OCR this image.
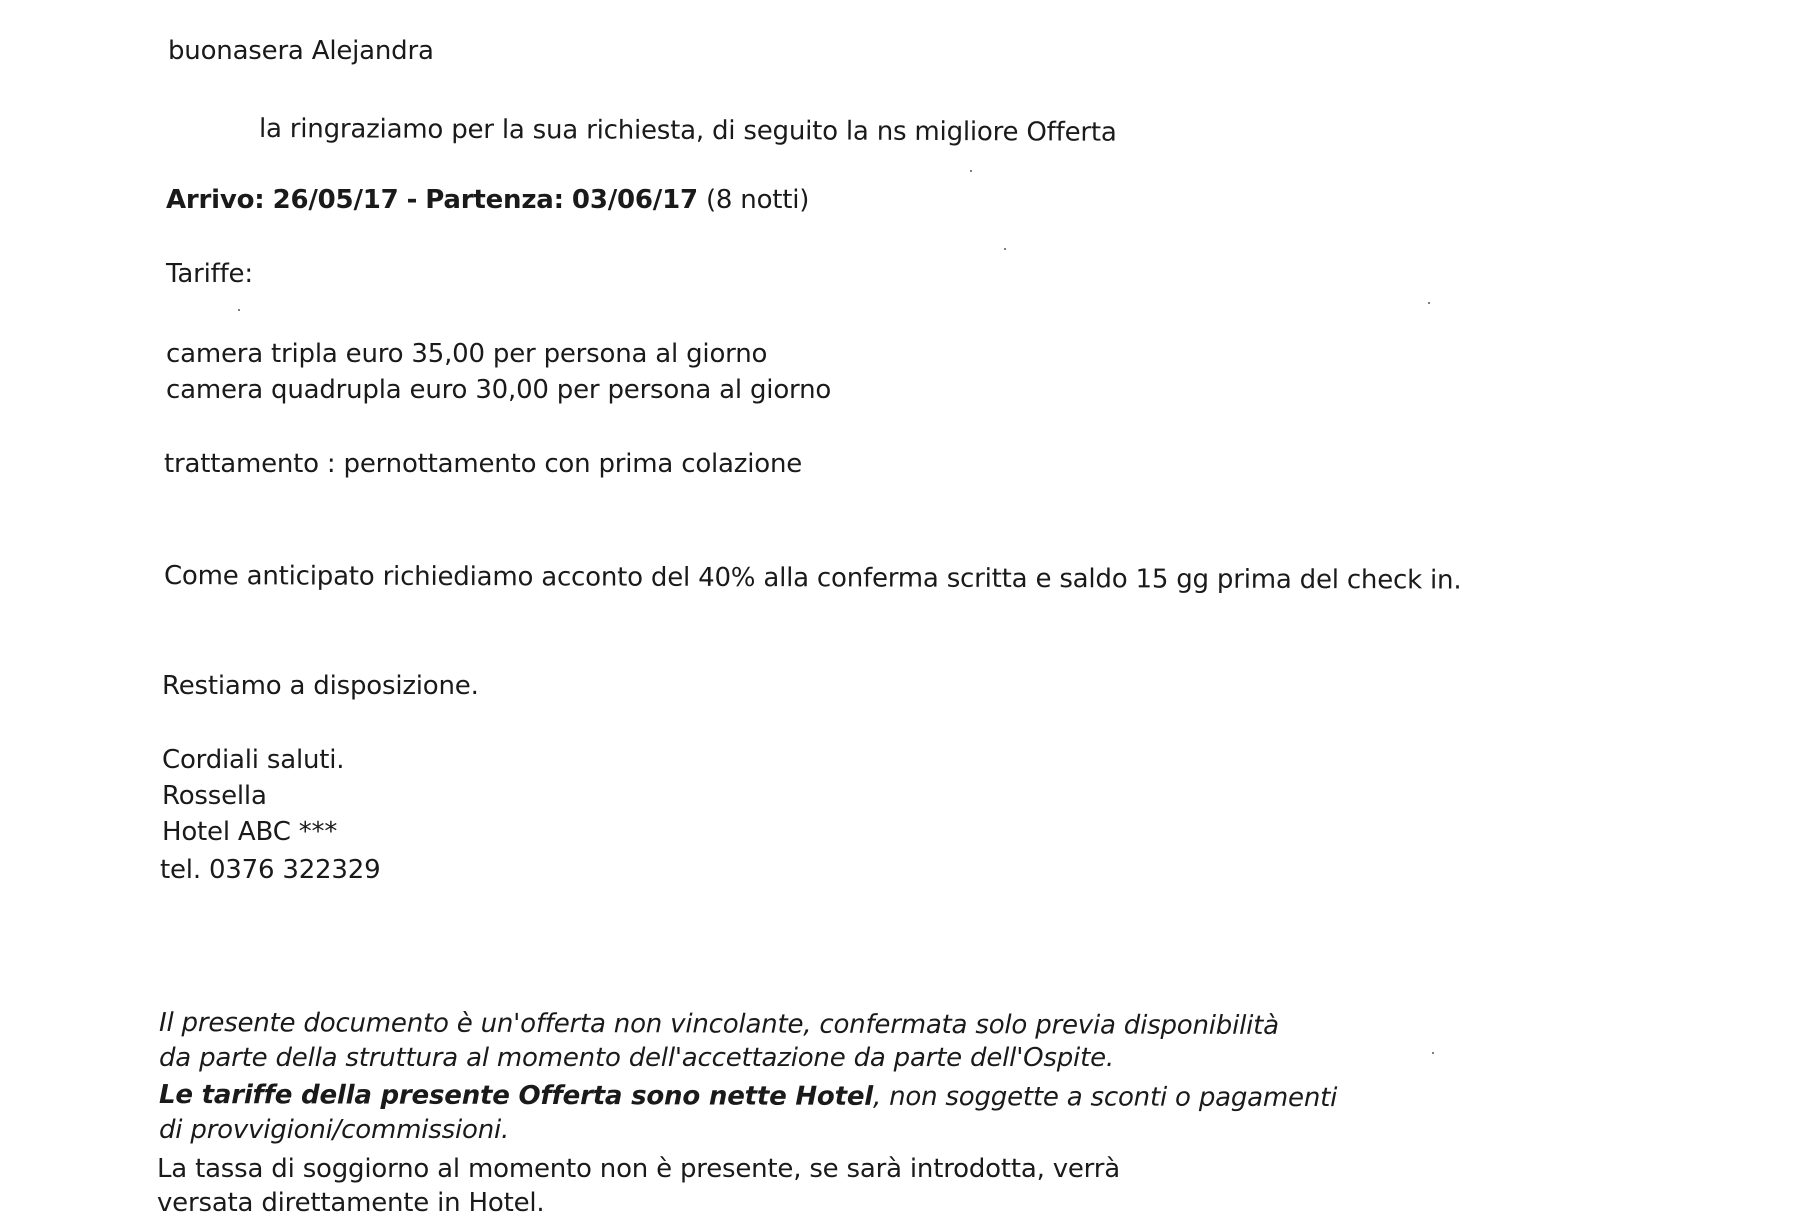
buonasera Alejandra
la ringraziamo per la sua richiesta, di seguito la ns migliore Offerta
Arrivo: 26/05/17 - Partenza: 03/06/17 (8 notti)
Tariffe:
camera tripla euro 35,00 per persona al giorno
camera quadrupla euro 30,00 per persona al giorno
trattamento : pernottamento con prima colazione
Come anticipato richiediamo acconto del 40% alla conferma scritta e saldo 15 gg prima del check in.
Restiamo a disposizione.
Cordiali saluti.
Rossella
Hotel ABC ***
tel. 0376 322329
Il presente documento è un'offerta non vincolante, confermata solo previa disponibilità
da parte della struttura al momento dell'accettazione da parte dell'Ospite.
Le tariffe della presente Offerta sono nette Hotel, non soggette a sconti o pagamenti
di provvigioni/commissioni.
La tassa di soggiorno al momento non è presente, se sarà introdotta, verrà
versata direttamente in Hotel.
